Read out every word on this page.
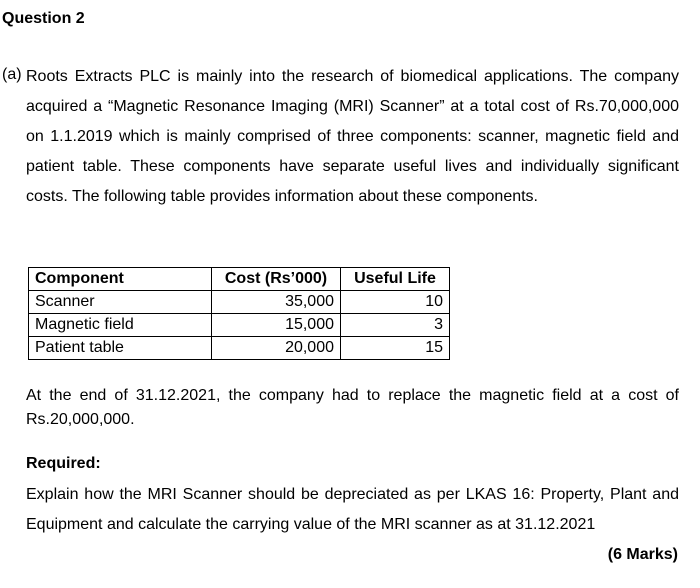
Question 2
(a) Roots Extracts PLC is mainly into the research of biomedical applications. The company acquired a “Magnetic Resonance Imaging (MRI) Scanner” at a total cost of Rs.70,000,000 on 1.1.2019 which is mainly comprised of three components: scanner, magnetic field and patient table. These components have separate useful lives and individually significant costs. The following table provides information about these components.
Component	Cost (Rs’000)	Useful Life
Scanner	35,000	10
Magnetic field	15,000	3
Patient table	20,000	15
At the end of 31.12.2021, the company had to replace the magnetic field at a cost of Rs.20,000,000.
Required:
Explain how the MRI Scanner should be depreciated as per LKAS 16: Property, Plant and Equipment and calculate the carrying value of the MRI scanner as at 31.12.2021
(6 Marks)
